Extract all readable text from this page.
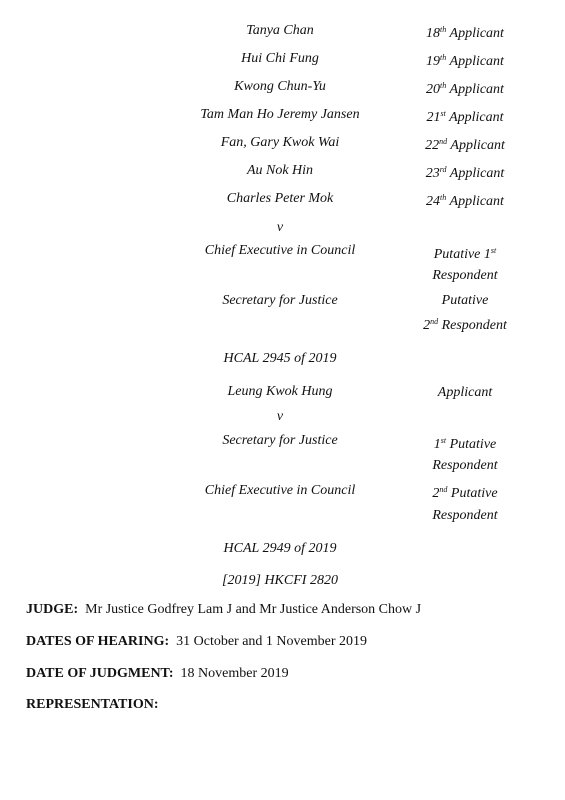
Tanya Chan	18th Applicant
Hui Chi Fung	19th Applicant
Kwong Chun-Yu	20th Applicant
Tam Man Ho Jeremy Jansen	21st Applicant
Fan, Gary Kwok Wai	22nd Applicant
Au Nok Hin	23rd Applicant
Charles Peter Mok	24th Applicant
v
Chief Executive in Council	Putative 1st
Respondent
Secretary for Justice	Putative
2nd Respondent
HCAL 2945 of 2019
Leung Kwok Hung	Applicant
v
Secretary for Justice	1st Putative
Respondent
Chief Executive in Council	2nd Putative
Respondent
HCAL 2949 of 2019
[2019] HKCFI 2820
JUDGE: Mr Justice Godfrey Lam J and Mr Justice Anderson Chow J
DATES OF HEARING: 31 October and 1 November 2019
DATE OF JUDGMENT: 18 November 2019
REPRESENTATION:
